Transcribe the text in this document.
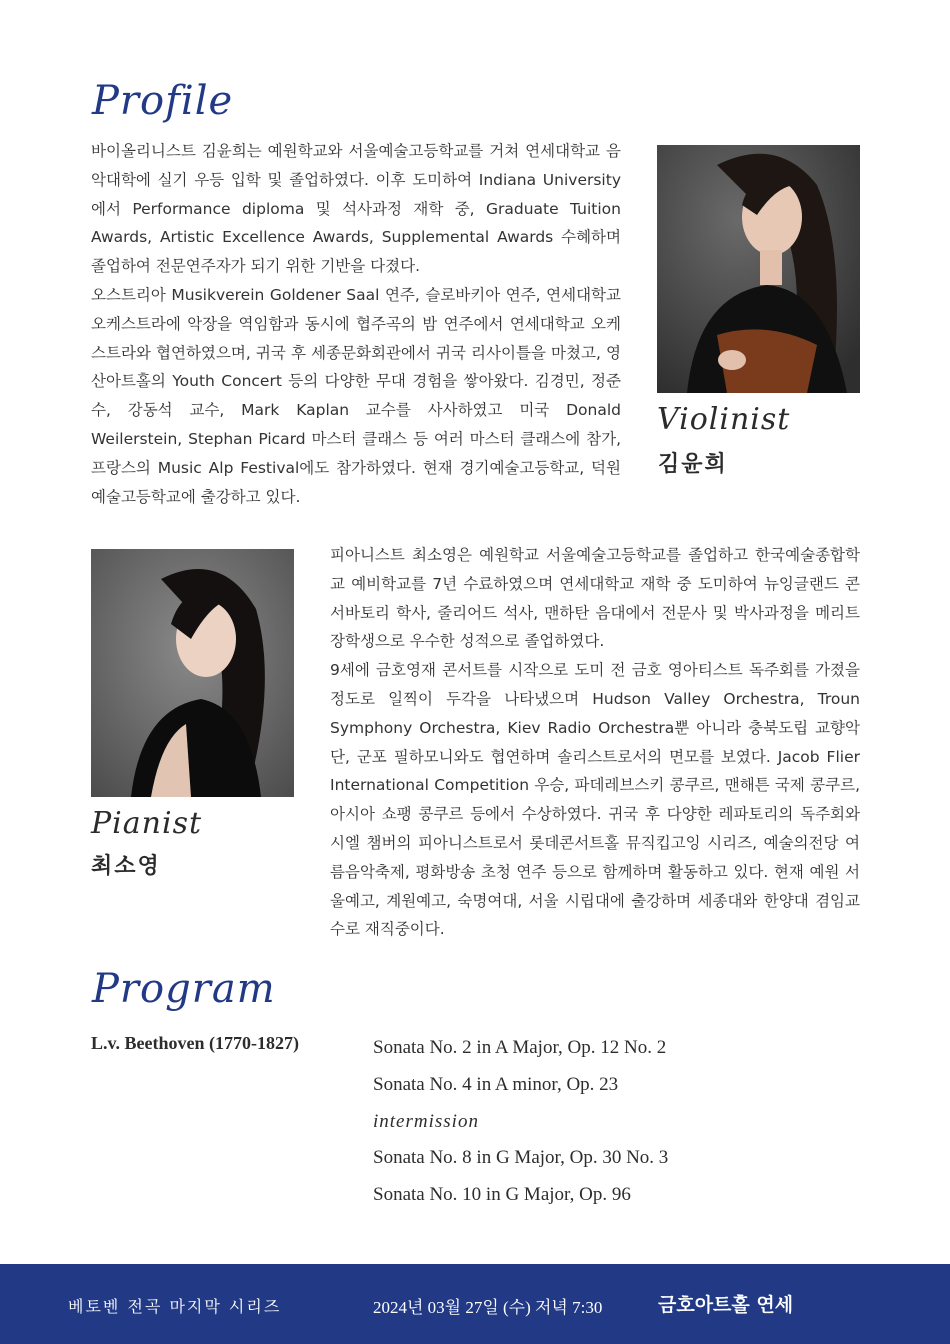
Profile

바이올리니스트 김윤희는 예원학교와 서울예술고등학교를 거쳐 연세대학교 음악대학에 실기 우등 입학 및 졸업하였다. 이후 도미하여 Indiana University 에서 Performance diploma 및 석사과정 재학 중, Graduate Tuition Awards, Artistic Excellence Awards, Supplemental Awards 수혜하며 졸업하여 전문연주자가 되기 위한 기반을 다졌다.

오스트리아 Musikverein Goldener Saal 연주, 슬로바키아 연주, 연세대학교 오케스트라에 악장을 역임함과 동시에 협주곡의 밤 연주에서 연세대학교 오케스트라와 협연하였으며, 귀국 후 세종문화회관에서 귀국 리사이틀을 마쳤고, 영산아트홀의 Youth Concert 등의 다양한 무대 경험을 쌓아왔다. 김경민, 정준수, 강동석 교수, Mark Kaplan 교수를 사사하였고 미국 Donald Weilerstein, Stephan Picard 마스터 클래스 등 여러 마스터 클래스에 참가, 프랑스의 Music Alp Festival에도 참가하였다. 현재 경기예술고등학교, 덕원예술고등학교에 출강하고 있다.

Violinist
김윤희
Pianist
최소영

피아니스트 최소영은 예원학교 서울예술고등학교를 졸업하고 한국예술종합학교 예비학교를 7년 수료하였으며 연세대학교 재학 중 도미하여 뉴잉글랜드 콘서바토리 학사, 줄리어드 석사, 맨하탄 음대에서 전문사 및 박사과정을 메리트 장학생으로 우수한 성적으로 졸업하였다.

9세에 금호영재 콘서트를 시작으로 도미 전 금호 영아티스트 독주회를 가졌을 정도로 일찍이 두각을 나타냈으며 Hudson Valley Orchestra, Troun Symphony Orchestra, Kiev Radio Orchestra뿐 아니라 충북도립 교향악단, 군포 필하모니와도 협연하며 솔리스트로서의 면모를 보였다. Jacob Flier International Competition 우승, 파데레브스키 콩쿠르, 맨해튼 국제 콩쿠르, 아시아 쇼팽 콩쿠르 등에서 수상하였다. 귀국 후 다양한 레파토리의 독주회와 시엘 챔버의 피아니스트로서 롯데콘서트홀 뮤직킵고잉 시리즈, 예술의전당 여름음악축제, 평화방송 초청 연주 등으로 함께하며 활동하고 있다. 현재 예원 서울예고, 계원예고, 숙명여대, 서울 시립대에 출강하며 세종대와 한양대 겸임교수로 재직중이다.

Program
L.v. Beethoven (1770-1827)	Sonata No. 2 in A Major, Op. 12 No. 2
Sonata No. 4 in A minor, Op. 23
intermission
Sonata No. 8 in G Major, Op. 30 No. 3
Sonata No. 10 in G Major, Op. 96
베토벤 전곡 마지막 시리즈	2024년 03월 27일 (수) 저녁 7:30	금호아트홀 연세
